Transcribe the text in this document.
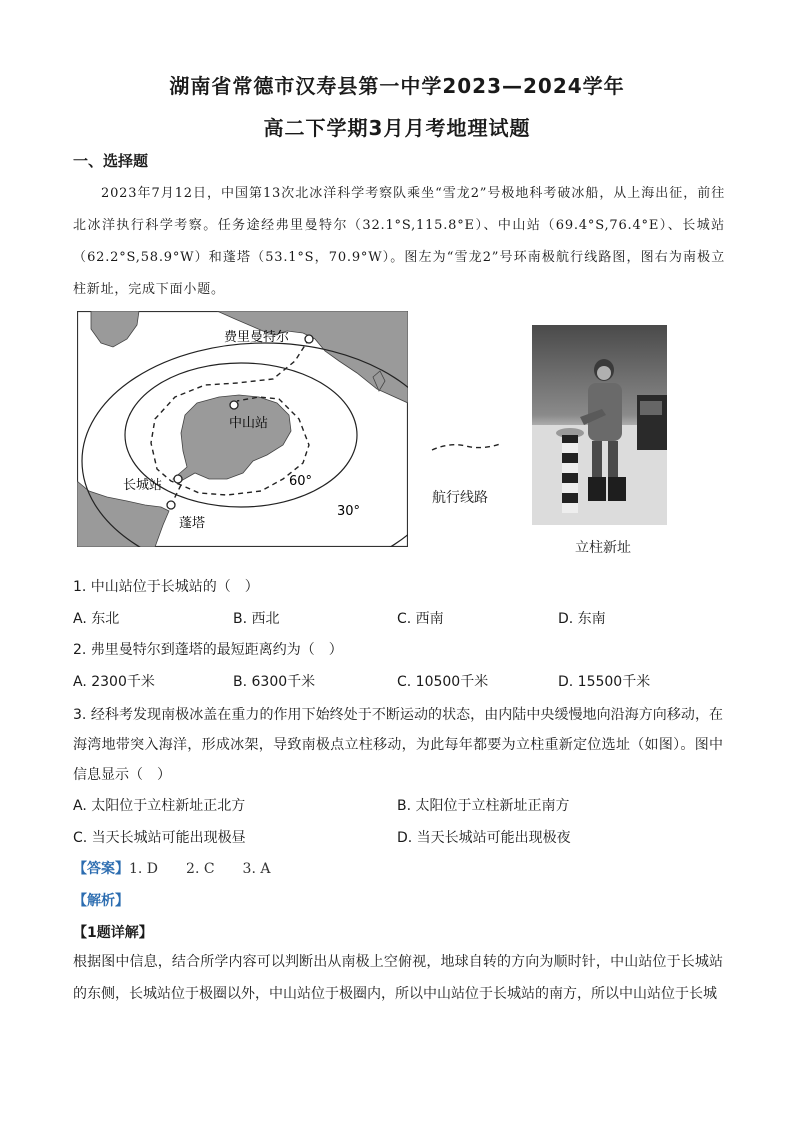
湖南省常德市汉寿县第一中学2023—2024学年
高二下学期3月月考地理试题
一、选择题
2023年7月12日，中国第13次北冰洋科学考察队乘坐“雪龙2”号极地科考破冰船，从上海出征，前往北冰洋执行科学考察。任务途经弗里曼特尔（32.1°S,115.8°E）、中山站（69.4°S,76.4°E）、长城站（62.2°S,58.9°W）和蓬塔（53.1°S，70.9°W）。图左为“雪龙2”号环南极航行线路图，图右为南极立柱新址，完成下面小题。
费里曼特尔
中山站
长城站
蓬塔
60°
30°
航行线路
立柱新址
1. 中山站位于长城站的（　）
A. 东北	B. 西北	C. 西南	D. 东南
2. 弗里曼特尔到蓬塔的最短距离约为（　）
A. 2300千米	B. 6300千米	C. 10500千米	D. 15500千米
3. 经科考发现南极冰盖在重力的作用下始终处于不断运动的状态，由内陆中央缓慢地向沿海方向移动，在海湾地带突入海洋，形成冰架，导致南极点立柱移动，为此每年都要为立柱重新定位选址（如图）。图中信息显示（　）
A. 太阳位于立柱新址正北方	B. 太阳位于立柱新址正南方
C. 当天长城站可能出现极昼	D. 当天长城站可能出现极夜
【答案】1. D　　2. C　　3. A
【解析】
【1题详解】
根据图中信息，结合所学内容可以判断出从南极上空俯视，地球自转的方向为顺时针，中山站位于长城站的东侧，长城站位于极圈以外，中山站位于极圈内，所以中山站位于长城站的南方，所以中山站位于长城
